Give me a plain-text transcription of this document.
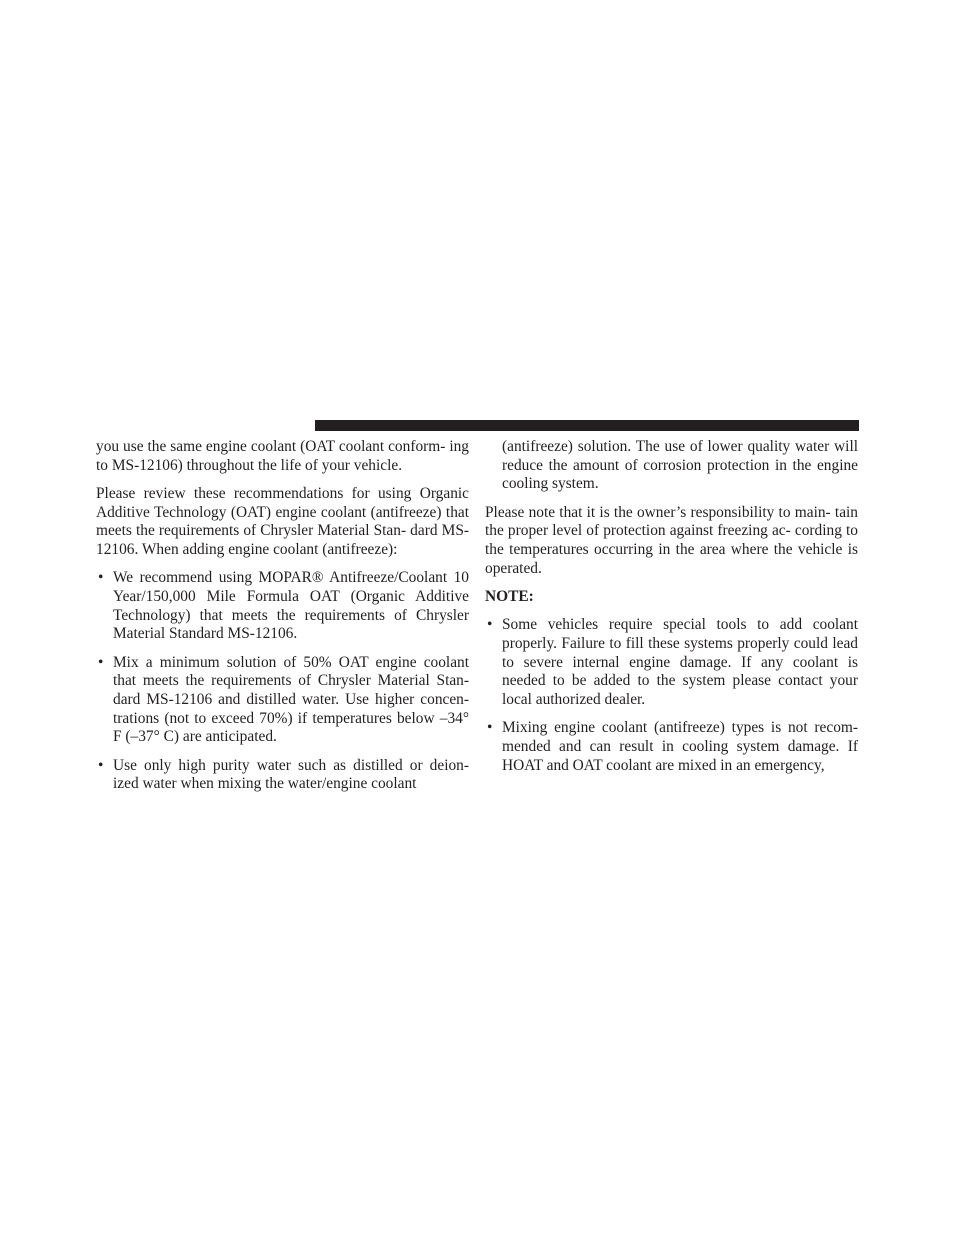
you use the same engine coolant (OAT coolant conform- ing to MS-12106) throughout the life of your vehicle.

Please review these recommendations for using Organic Additive Technology (OAT) engine coolant (antifreeze) that meets the requirements of Chrysler Material Stan- dard MS-12106. When adding engine coolant (antifreeze):

• We recommend using MOPAR® Antifreeze/Coolant 10 Year/150,000 Mile Formula OAT (Organic Additive Technology) that meets the requirements of Chrysler Material Standard MS-12106.

• Mix a minimum solution of 50% OAT engine coolant that meets the requirements of Chrysler Material Stan- dard MS-12106 and distilled water. Use higher concen- trations (not to exceed 70%) if temperatures below –34° F (–37° C) are anticipated.

• Use only high purity water such as distilled or deion- ized water when mixing the water/engine coolant

(antifreeze) solution. The use of lower quality water will reduce the amount of corrosion protection in the engine cooling system.

Please note that it is the owner’s responsibility to main- tain the proper level of protection against freezing ac- cording to the temperatures occurring in the area where the vehicle is operated.

NOTE:

• Some vehicles require special tools to add coolant properly. Failure to fill these systems properly could lead to severe internal engine damage. If any coolant is needed to be added to the system please contact your local authorized dealer.

• Mixing engine coolant (antifreeze) types is not recom- mended and can result in cooling system damage. If HOAT and OAT coolant are mixed in an emergency,
